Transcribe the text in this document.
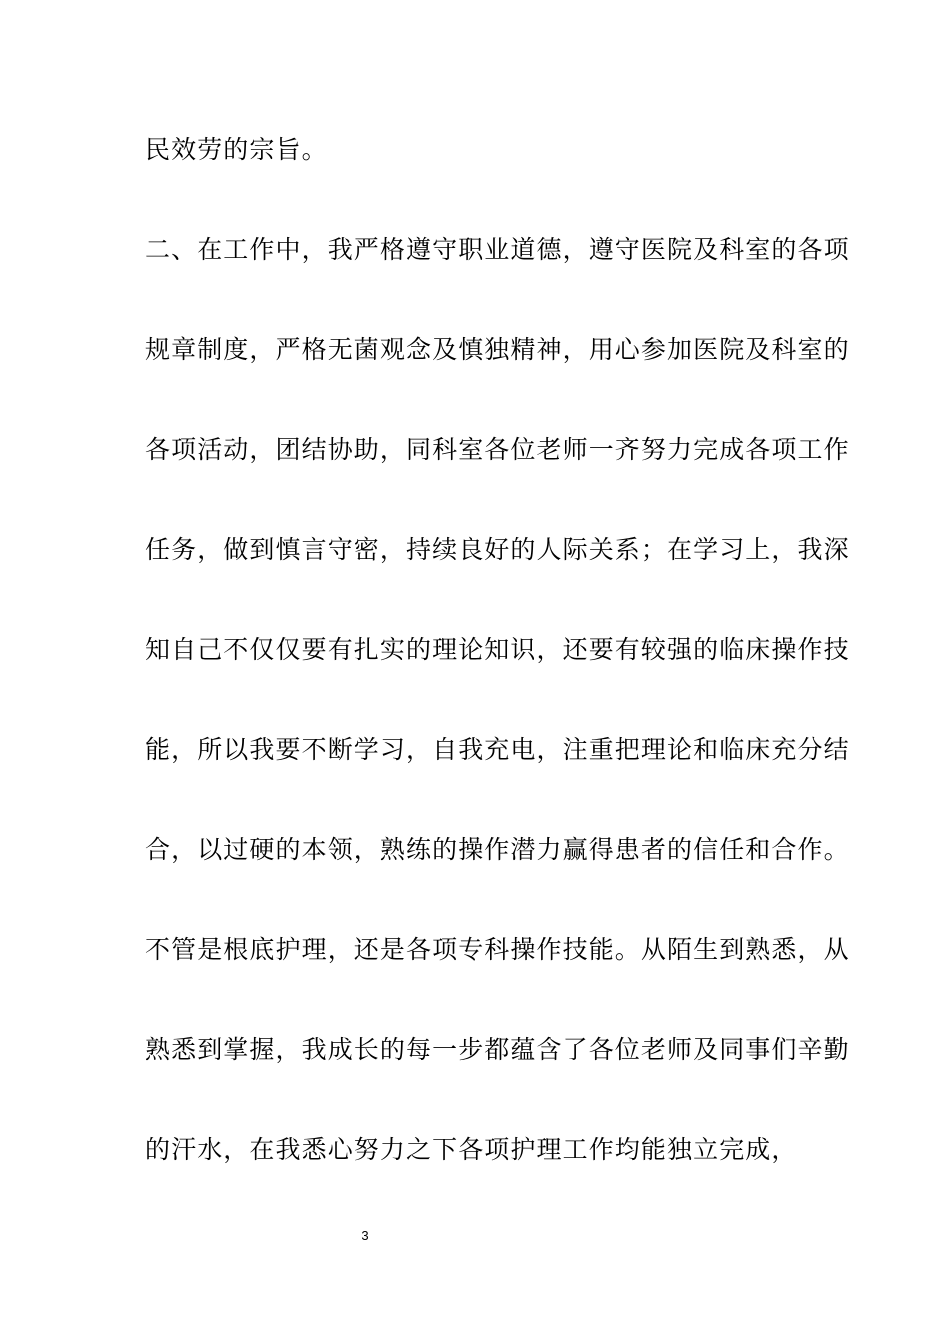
民效劳的宗旨。
二、在工作中，我严格遵守职业道德，遵守医院及科室的各项
规章制度，严格无菌观念及慎独精神，用心参加医院及科室的
各项活动，团结协助，同科室各位老师一齐努力完成各项工作
任务，做到慎言守密，持续良好的人际关系；在学习上，我深
知自己不仅仅要有扎实的理论知识，还要有较强的临床操作技
能，所以我要不断学习，自我充电，注重把理论和临床充分结
合，以过硬的本领，熟练的操作潜力赢得患者的信任和合作。
不管是根底护理，还是各项专科操作技能。从陌生到熟悉，从
熟悉到掌握，我成长的每一步都蕴含了各位老师及同事们辛勤
的汗水，在我悉心努力之下各项护理工作均能独立完成，
3
